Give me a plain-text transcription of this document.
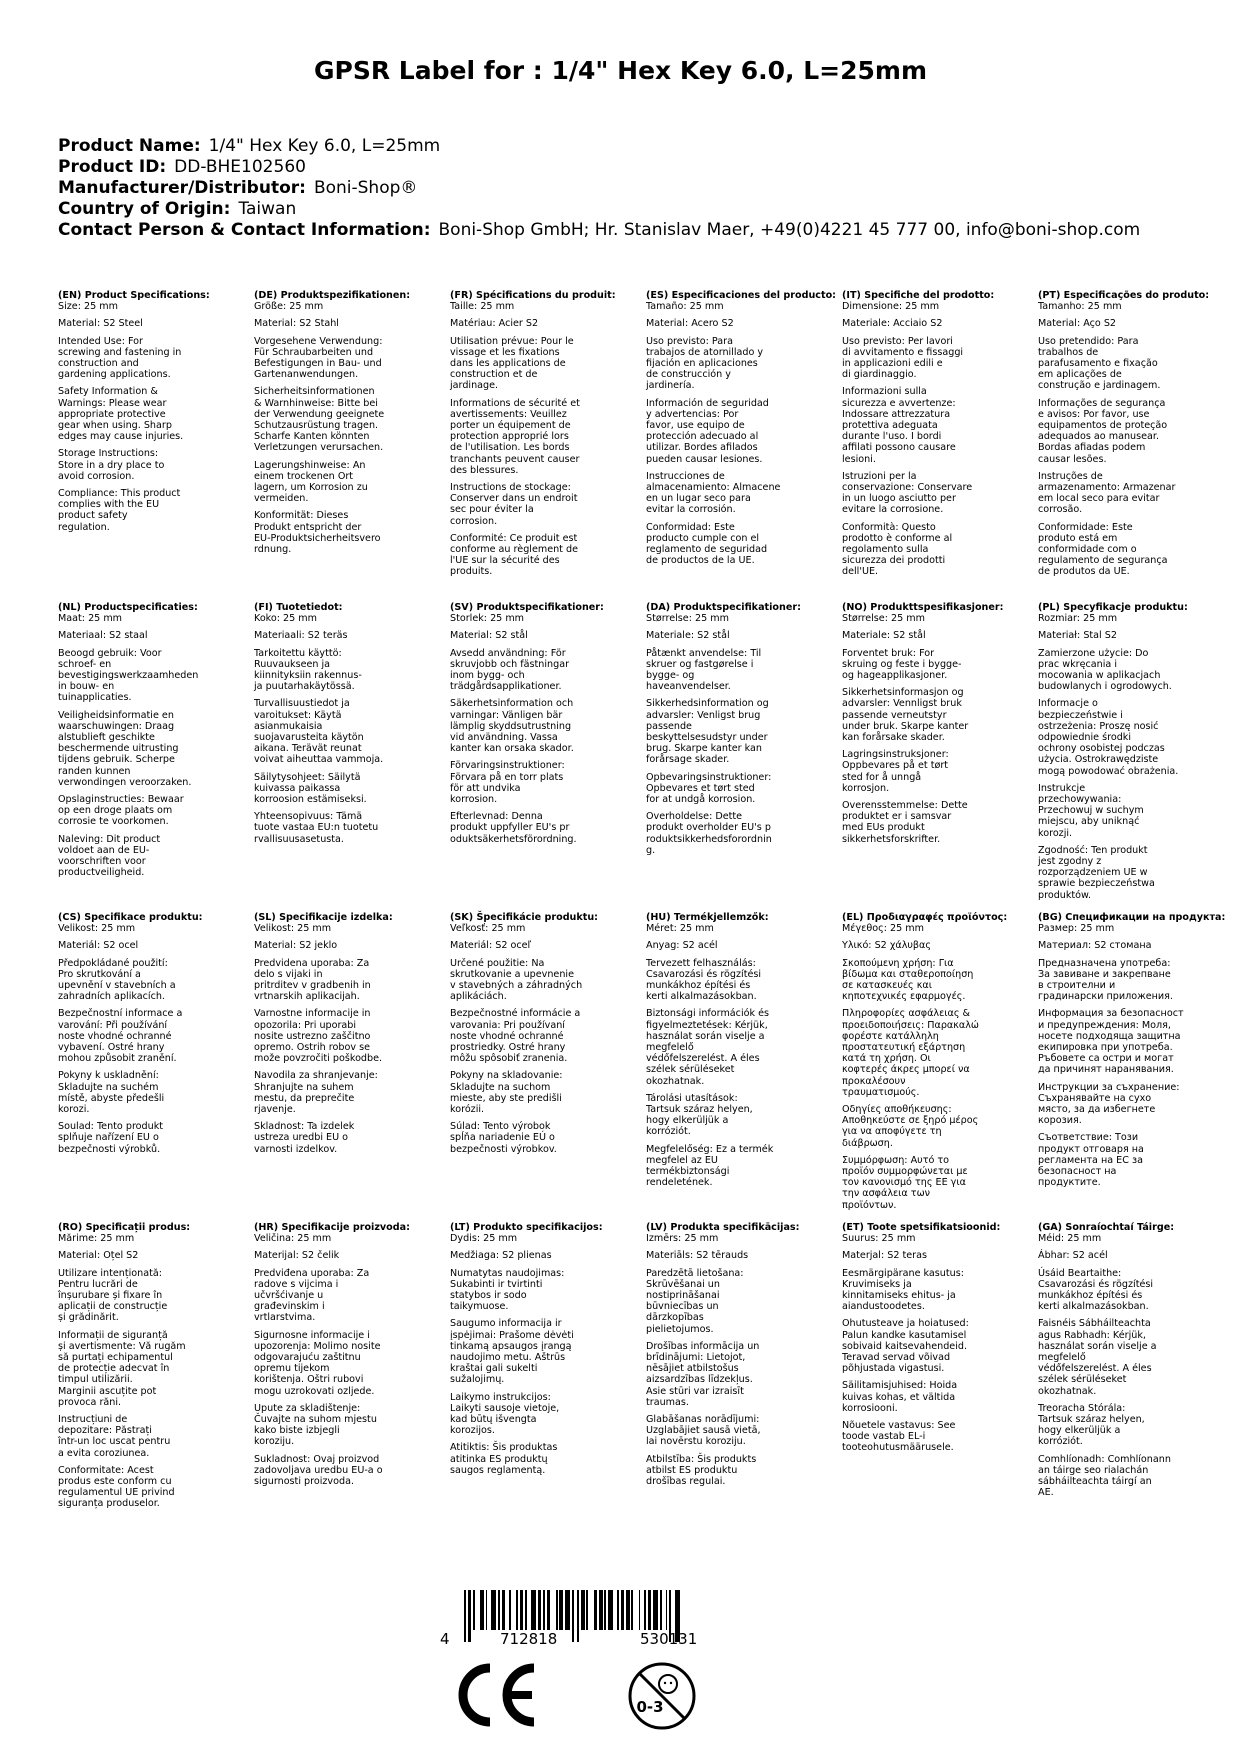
GPSR Label for : 1/4" Hex Key 6.0, L=25mm
Product Name: 1/4" Hex Key 6.0, L=25mm
Product ID: DD-BHE102560
Manufacturer/Distributor: Boni-Shop®
Country of Origin: Taiwan
Contact Person & Contact Information: Boni-Shop GmbH; Hr. Stanislav Maer, +49(0)4221 45 777 00, info@boni-shop.com
(EN) Product Specifications:
Size: 25 mm
Material: S2 Steel
Intended Use: For
screwing and fastening in
construction and
gardening applications.
Safety Information &
Warnings: Please wear
appropriate protective
gear when using. Sharp
edges may cause injuries.
Storage Instructions:
Store in a dry place to
avoid corrosion.
Compliance: This product
complies with the EU
product safety
regulation.
(DE) Produktspezifikationen:
Größe: 25 mm
Material: S2 Stahl
Vorgesehene Verwendung:
Für Schraubarbeiten und
Befestigungen in Bau- und
Gartenanwendungen.
Sicherheitsinformationen
& Warnhinweise: Bitte bei
der Verwendung geeignete
Schutzausrüstung tragen.
Scharfe Kanten könnten
Verletzungen verursachen.
Lagerungshinweise: An
einem trockenen Ort
lagern, um Korrosion zu
vermeiden.
Konformität: Dieses
Produkt entspricht der
EU-Produktsicherheitsvero
rdnung.
(FR) Spécifications du produit:
Taille: 25 mm
Matériau: Acier S2
Utilisation prévue: Pour le
vissage et les fixations
dans les applications de
construction et de
jardinage.
Informations de sécurité et
avertissements: Veuillez
porter un équipement de
protection approprié lors
de l'utilisation. Les bords
tranchants peuvent causer
des blessures.
Instructions de stockage:
Conserver dans un endroit
sec pour éviter la
corrosion.
Conformité: Ce produit est
conforme au règlement de
l'UE sur la sécurité des
produits.
(ES) Especificaciones del producto:
Tamaño: 25 mm
Material: Acero S2
Uso previsto: Para
trabajos de atornillado y
fijación en aplicaciones
de construcción y
jardinería.
Información de seguridad
y advertencias: Por
favor, use equipo de
protección adecuado al
utilizar. Bordes afilados
pueden causar lesiones.
Instrucciones de
almacenamiento: Almacene
en un lugar seco para
evitar la corrosión.
Conformidad: Este
producto cumple con el
reglamento de seguridad
de productos de la UE.
(IT) Specifiche del prodotto:
Dimensione: 25 mm
Materiale: Acciaio S2
Uso previsto: Per lavori
di avvitamento e fissaggi
in applicazioni edili e
di giardinaggio.
Informazioni sulla
sicurezza e avvertenze:
Indossare attrezzatura
protettiva adeguata
durante l'uso. I bordi
affilati possono causare
lesioni.
Istruzioni per la
conservazione: Conservare
in un luogo asciutto per
evitare la corrosione.
Conformità: Questo
prodotto è conforme al
regolamento sulla
sicurezza dei prodotti
dell'UE.
(PT) Especificações do produto:
Tamanho: 25 mm
Material: Aço S2
Uso pretendido: Para
trabalhos de
parafusamento e fixação
em aplicações de
construção e jardinagem.
Informações de segurança
e avisos: Por favor, use
equipamentos de proteção
adequados ao manusear.
Bordas afiadas podem
causar lesões.
Instruções de
armazenamento: Armazenar
em local seco para evitar
corrosão.
Conformidade: Este
produto está em
conformidade com o
regulamento de segurança
de produtos da UE.
(NL) Productspecificaties:
Maat: 25 mm
Materiaal: S2 staal
Beoogd gebruik: Voor
schroef- en
bevestigingswerkzaamheden
in bouw- en
tuinapplicaties.
Veiligheidsinformatie en
waarschuwingen: Draag
alstublieft geschikte
beschermende uitrusting
tijdens gebruik. Scherpe
randen kunnen
verwondingen veroorzaken.
Opslaginstructies: Bewaar
op een droge plaats om
corrosie te voorkomen.
Naleving: Dit product
voldoet aan de EU-
voorschriften voor
productveiligheid.
(FI) Tuotetiedot:
Koko: 25 mm
Materiaali: S2 teräs
Tarkoitettu käyttö:
Ruuvaukseen ja
kiinnityksiin rakennus-
ja puutarhakäytössä.
Turvallisuustiedot ja
varoitukset: Käytä
asianmukaisia
suojavarusteita käytön
aikana. Terävät reunat
voivat aiheuttaa vammoja.
Säilytysohjeet: Säilytä
kuivassa paikassa
korroosion estämiseksi.
Yhteensopivuus: Tämä
tuote vastaa EU:n tuotetu
rvallisuusasetusta.
(SV) Produktspecifikationer:
Storlek: 25 mm
Material: S2 stål
Avsedd användning: För
skruvjobb och fästningar
inom bygg- och
trädgårdsapplikationer.
Säkerhetsinformation och
varningar: Vänligen bär
lämplig skyddsutrustning
vid användning. Vassa
kanter kan orsaka skador.
Förvaringsinstruktioner:
Förvara på en torr plats
för att undvika
korrosion.
Efterlevnad: Denna
produkt uppfyller EU's pr
oduktsäkerhetsförordning.
(DA) Produktspecifikationer:
Størrelse: 25 mm
Materiale: S2 stål
Påtænkt anvendelse: Til
skruer og fastgørelse i
bygge- og
haveanvendelser.
Sikkerhedsinformation og
advarsler: Venligst brug
passende
beskyttelsesudstyr under
brug. Skarpe kanter kan
forårsage skader.
Opbevaringsinstruktioner:
Opbevares et tørt sted
for at undgå korrosion.
Overholdelse: Dette
produkt overholder EU's p
roduktsikkerhedsforordnin
g.
(NO) Produkttspesifikasjoner:
Størrelse: 25 mm
Materiale: S2 stål
Forventet bruk: For
skruing og feste i bygge-
og hageapplikasjoner.
Sikkerhetsinformasjon og
advarsler: Vennligst bruk
passende verneutstyr
under bruk. Skarpe kanter
kan forårsake skader.
Lagringsinstruksjoner:
Oppbevares på et tørt
sted for å unngå
korrosjon.
Overensstemmelse: Dette
produktet er i samsvar
med EUs produkt
sikkerhetsforskrifter.
(PL) Specyfikacje produktu:
Rozmiar: 25 mm
Materiał: Stal S2
Zamierzone użycie: Do
prac wkręcania i
mocowania w aplikacjach
budowlanych i ogrodowych.
Informacje o
bezpieczeństwie i
ostrzeżenia: Proszę nosić
odpowiednie środki
ochrony osobistej podczas
użycia. Ostrokrawędziste
mogą powodować obrażenia.
Instrukcje
przechowywania:
Przechowuj w suchym
miejscu, aby uniknąć
korozji.
Zgodność: Ten produkt
jest zgodny z
rozporządzeniem UE w
sprawie bezpieczeństwa
produktów.
(CS) Specifikace produktu:
Velikost: 25 mm
Materiál: S2 ocel
Předpokládané použití:
Pro skrutkování a
upevnění v stavebních a
zahradních aplikacích.
Bezpečnostní informace a
varování: Při používání
noste vhodné ochranné
vybavení. Ostré hrany
mohou způsobit zranění.
Pokyny k uskladnění:
Skladujte na suchém
místě, abyste předešli
korozi.
Soulad: Tento produkt
splňuje nařízení EU o
bezpečnosti výrobků.
(SL) Specifikacije izdelka:
Velikost: 25 mm
Material: S2 jeklo
Predvidena uporaba: Za
delo s vijaki in
pritrditev v gradbenih in
vrtnarskih aplikacijah.
Varnostne informacije in
opozorila: Pri uporabi
nosite ustrezno zaščitno
opremo. Ostrih robov se
može povzročiti poškodbe.
Navodila za shranjevanje:
Shranjujte na suhem
mestu, da preprečite
rjavenje.
Skladnost: Ta izdelek
ustreza uredbi EU o
varnosti izdelkov.
(SK) Špecifikácie produktu:
Veľkosť: 25 mm
Materiál: S2 oceľ
Určené použitie: Na
skrutkovanie a upevnenie
v stavebných a záhradných
aplikáciách.
Bezpečnostné informácie a
varovania: Pri používaní
noste vhodné ochranné
prostriedky. Ostré hrany
môžu spôsobiť zranenia.
Pokyny na skladovanie:
Skladujte na suchom
mieste, aby ste predišli
korózii.
Súlad: Tento výrobok
spĺňa nariadenie EÚ o
bezpečnosti výrobkov.
(HU) Termékjellemzők:
Méret: 25 mm
Anyag: S2 acél
Tervezett felhasználás:
Csavarozási és rögzítési
munkákhoz építési és
kerti alkalmazásokban.
Biztonsági információk és
figyelmeztetések: Kérjük,
használat során viselje a
megfelelő
védőfelszerelést. A éles
szélek sérüléseket
okozhatnak.
Tárolási utasítások:
Tartsuk száraz helyen,
hogy elkerüljük a
korróziót.
Megfelelőség: Ez a termék
megfelel az EU
termékbiztonsági
rendeletének.
(EL) Προδιαγραφές προϊόντος:
Μέγεθος: 25 mm
Υλικό: S2 χάλυβας
Σκοπούμενη χρήση: Για
βίδωμα και σταθεροποίηση
σε κατασκευές και
κηποτεχνικές εφαρμογές.
Πληροφορίες ασφάλειας &
προειδοποιήσεις: Παρακαλώ
φορέστε κατάλληλη
προστατευτική εξάρτηση
κατά τη χρήση. Οι
κοφτερές άκρες μπορεί να
προκαλέσουν
τραυματισμούς.
Οδηγίες αποθήκευσης:
Αποθηκεύστε σε ξηρό μέρος
για να αποφύγετε τη
διάβρωση.
Συμμόρφωση: Αυτό το
προϊόν συμμορφώνεται με
τον κανονισμό της ΕΕ για
την ασφάλεια των
προϊόντων.
(BG) Спецификации на продукта:
Размер: 25 mm
Материал: S2 стомана
Предназначена употреба:
За завиване и закрепване
в строителни и
градинарски приложения.
Информация за безопасност
и предупреждения: Моля,
носете подходяща защитна
екипировка при употреба.
Ръбовете са остри и могат
да причинят наранявания.
Инструкции за съхранение:
Съхранявайте на сухо
място, за да избегнете
корозия.
Съответствие: Този
продукт отговаря на
регламента на ЕС за
безопасност на
продуктите.
(RO) Specificații produs:
Mărime: 25 mm
Material: Oțel S2
Utilizare intenționată:
Pentru lucrări de
înșurubare și fixare în
aplicații de construcție
și grădinărit.
Informații de siguranță
și avertismente: Vă rugăm
să purtați echipamentul
de protecție adecvat în
timpul utilizării.
Marginii ascuțite pot
provoca răni.
Instrucțiuni de
depozitare: Păstrați
într-un loc uscat pentru
a evita coroziunea.
Conformitate: Acest
produs este conform cu
regulamentul UE privind
siguranța produselor.
(HR) Specifikacije proizvoda:
Veličina: 25 mm
Materijal: S2 čelik
Predviđena uporaba: Za
radove s vijcima i
učvršćivanje u
građevinskim i
vrtlarstvima.
Sigurnosne informacije i
upozorenja: Molimo nosite
odgovarajuću zaštitnu
opremu tijekom
korištenja. Oštri rubovi
mogu uzrokovati ozljede.
Upute za skladištenje:
Čuvajte na suhom mjestu
kako biste izbjegli
koroziju.
Sukladnost: Ovaj proizvod
zadovoljava uredbu EU-a o
sigurnosti proizvoda.
(LT) Produkto specifikacijos:
Dydis: 25 mm
Medžiaga: S2 plienas
Numatytas naudojimas:
Sukabinti ir tvirtinti
statybos ir sodo
taikymuose.
Saugumo informacija ir
įspėjimai: Prašome dėvėti
tinkamą apsaugos įrangą
naudojimo metu. Aštrūs
kraštai gali sukelti
sužalojimų.
Laikymo instrukcijos:
Laikyti sausoje vietoje,
kad būtų išvengta
korozijos.
Atitiktis: Šis produktas
atitinka ES produktų
saugos reglamentą.
(LV) Produkta specifikācijas:
Izmērs: 25 mm
Materiāls: S2 tērauds
Paredzētā lietošana:
Skrūvēšanai un
nostiprināšanai
būvniecības un
dārzkopības
pielietojumos.
Drošības informācija un
brīdinājumi: Lietojot,
nēsājiet atbilstošus
aizsardzības līdzekļus.
Asie stūri var izraisīt
traumas.
Glabāšanas norādījumi:
Uzglabājiet sausā vietā,
lai novērstu koroziju.
Atbilstība: Šis produkts
atbilst ES produktu
drošības regulai.
(ET) Toote spetsifikatsioonid:
Suurus: 25 mm
Materjal: S2 teras
Eesmärgipärane kasutus:
Kruvimiseks ja
kinnitamiseks ehitus- ja
aiandustoodetes.
Ohutusteave ja hoiatused:
Palun kandke kasutamisel
sobivaid kaitsevahendeid.
Teravad servad võivad
põhjustada vigastusi.
Säilitamisjuhised: Hoida
kuivas kohas, et vältida
korrosiooni.
Nõuetele vastavus: See
toode vastab EL-i
tooteohutusmäärusele.
(GA) Sonraíochtaí Táirge:
Méid: 25 mm
Ábhar: S2 acél
Úsáid Beartaithe:
Csavarozási és rögzítési
munkákhoz építési és
kerti alkalmazásokban.
Faisnéis Sábháilteachta
agus Rabhadh: Kérjük,
használat során viselje a
megfelelő
védőfelszerelést. A éles
szélek sérüléseket
okozhatnak.
Treoracha Stórála:
Tartsuk száraz helyen,
hogy elkerüljük a
korróziót.
Comhlíonadh: Comhlíonann
an táirge seo rialachán
sábháilteachta táirgí an
AE.
4	712818	530131
0-3
